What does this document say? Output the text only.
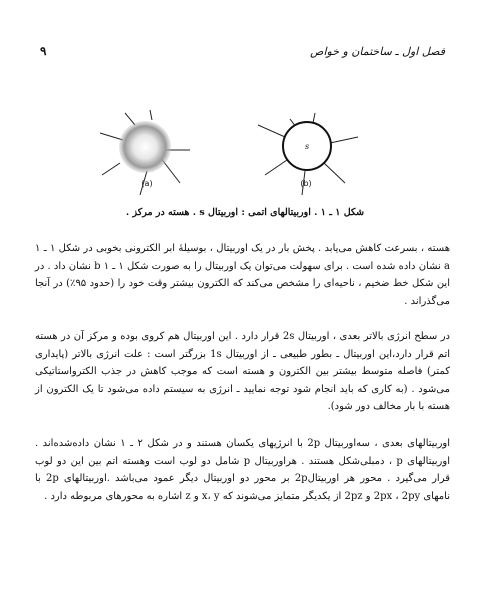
فصل اول ـ ساختمان و خواص
۹
(a)
s
(b)
شکل ۱ ـ ۱ . اوربیتالهای اتمی : اوربیتال s . هسته در مرکز .

هسته ، بسرعت کاهش می‌یابد . پخش بار در یک اوربیتال ، بوسیلهٔ ابر الکترونی بخوبی در شکل ۱ ـ ۱ a نشان داده شده است . برای سهولت می‌توان یک اوربیتال را به صورت شکل ۱ ـ ۱ b نشان داد . در این شکل خط ضخیم ، ناحیه‌ای را مشخص می‌کند که الکترون بیشتر وقت خود را (حدود ۹۵٪) در آنجا می‌گذراند .

در سطح انرژی بالاتر بعدی ، اوربیتال 2s قرار دارد . این اوربیتال هم کروی بوده و مرکز آن در هسته اتم قرار دارد،این اوربیتال ـ بطور طبیعی ـ از اوربیتال 1s بزرگتر است : علت انرژی بالاتر (پایداری کمتر) فاصله متوسط بیشتر بین الکترون و هسته است که موجب کاهش در جذب الکترواستاتیکی می‌شود . (به کاری که باید انجام شود توجه نمایید ـ انرژی به سیستم داده می‌شود تا یک الکترون از هسته با بار مخالف دور شود).

اوربیتالهای بعدی ، سه‌اوربیتال 2p با انرژیهای یکسان هستند و در شکل ۲ ـ ۱ نشان داده‌شده‌اند . اوربیتالهای p ، دمبلی‌شکل هستند . هراوربیتال p شامل دو لوب است وهسته اتم بین این دو لوب قرار می‌گیرد . محور هر اوربیتال2p بر محور دو اوربیتال دیگر عمود می‌باشد .اوربیتالهای 2p با نامهای 2px ، 2py و 2pz از یکدیگر متمایز می‌شوند که x، y و z اشاره به محورهای مربوطه دارد .
